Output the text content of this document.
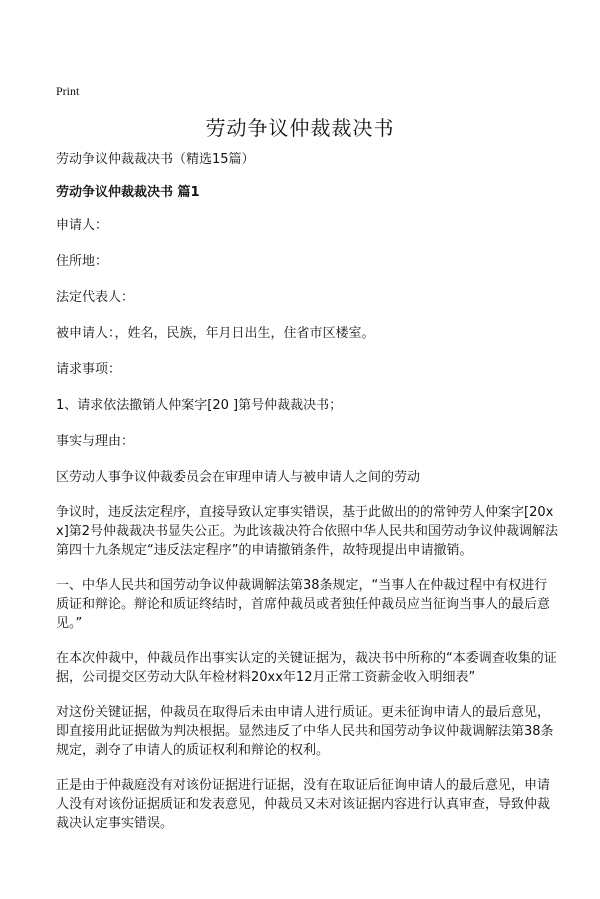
Print
劳动争议仲裁裁决书

劳动争议仲裁裁决书（精选15篇）

劳动争议仲裁裁决书 篇1

申请人：

住所地：

法定代表人：

被申请人：，姓名，民族，年月日出生，住省市区楼室。

请求事项：

1、请求依法撤销人仲案字[20 ]第号仲裁裁决书；

事实与理由：

区劳动人事争议仲裁委员会在审理申请人与被申请人之间的劳动

争议时，违反法定程序，直接导致认定事实错误，基于此做出的的常钟劳人仲案字[20xx]第2号仲裁裁决书显失公正。为此该裁决符合依照中华人民共和国劳动争议仲裁调解法第四十九条规定“违反法定程序”的申请撤销条件，故特现提出申请撤销。

一、中华人民共和国劳动争议仲裁调解法第38条规定，“当事人在仲裁过程中有权进行质证和辩论。辩论和质证终结时，首席仲裁员或者独任仲裁员应当征询当事人的最后意见。”

在本次仲裁中，仲裁员作出事实认定的关键证据为，裁决书中所称的“本委调查收集的证据，公司提交区劳动大队年检材料20xx年12月正常工资薪金收入明细表”

对这份关键证据，仲裁员在取得后未由申请人进行质证。更未征询申请人的最后意见，即直接用此证据做为判决根据。显然违反了中华人民共和国劳动争议仲裁调解法第38条规定，剥夺了申请人的质证权利和辩论的权利。

正是由于仲裁庭没有对该份证据进行证据，没有在取证后征询申请人的最后意见，申请人没有对该份证据质证和发表意见，仲裁员又未对该证据内容进行认真审查，导致仲裁裁决认定事实错误。
